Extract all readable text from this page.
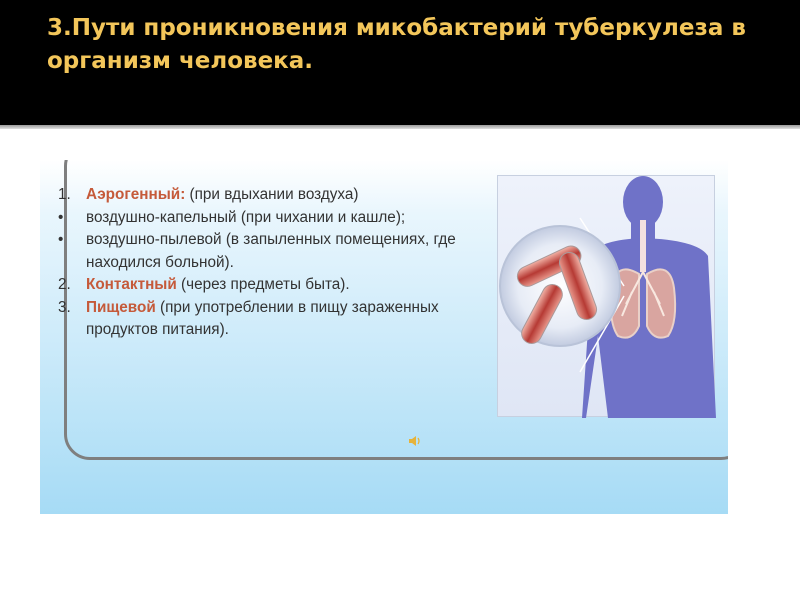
3.Пути проникновения микобактерий туберкулеза в организм человека.
1. Аэрогенный: (при вдыхании воздуха)
• воздушно-капельный (при чихании и кашле);
• воздушно-пылевой (в запыленных помещениях, где находился больной).
2. Контактный (через предметы быта).
3. Пищевой (при употреблении в пищу зараженных продуктов питания).
